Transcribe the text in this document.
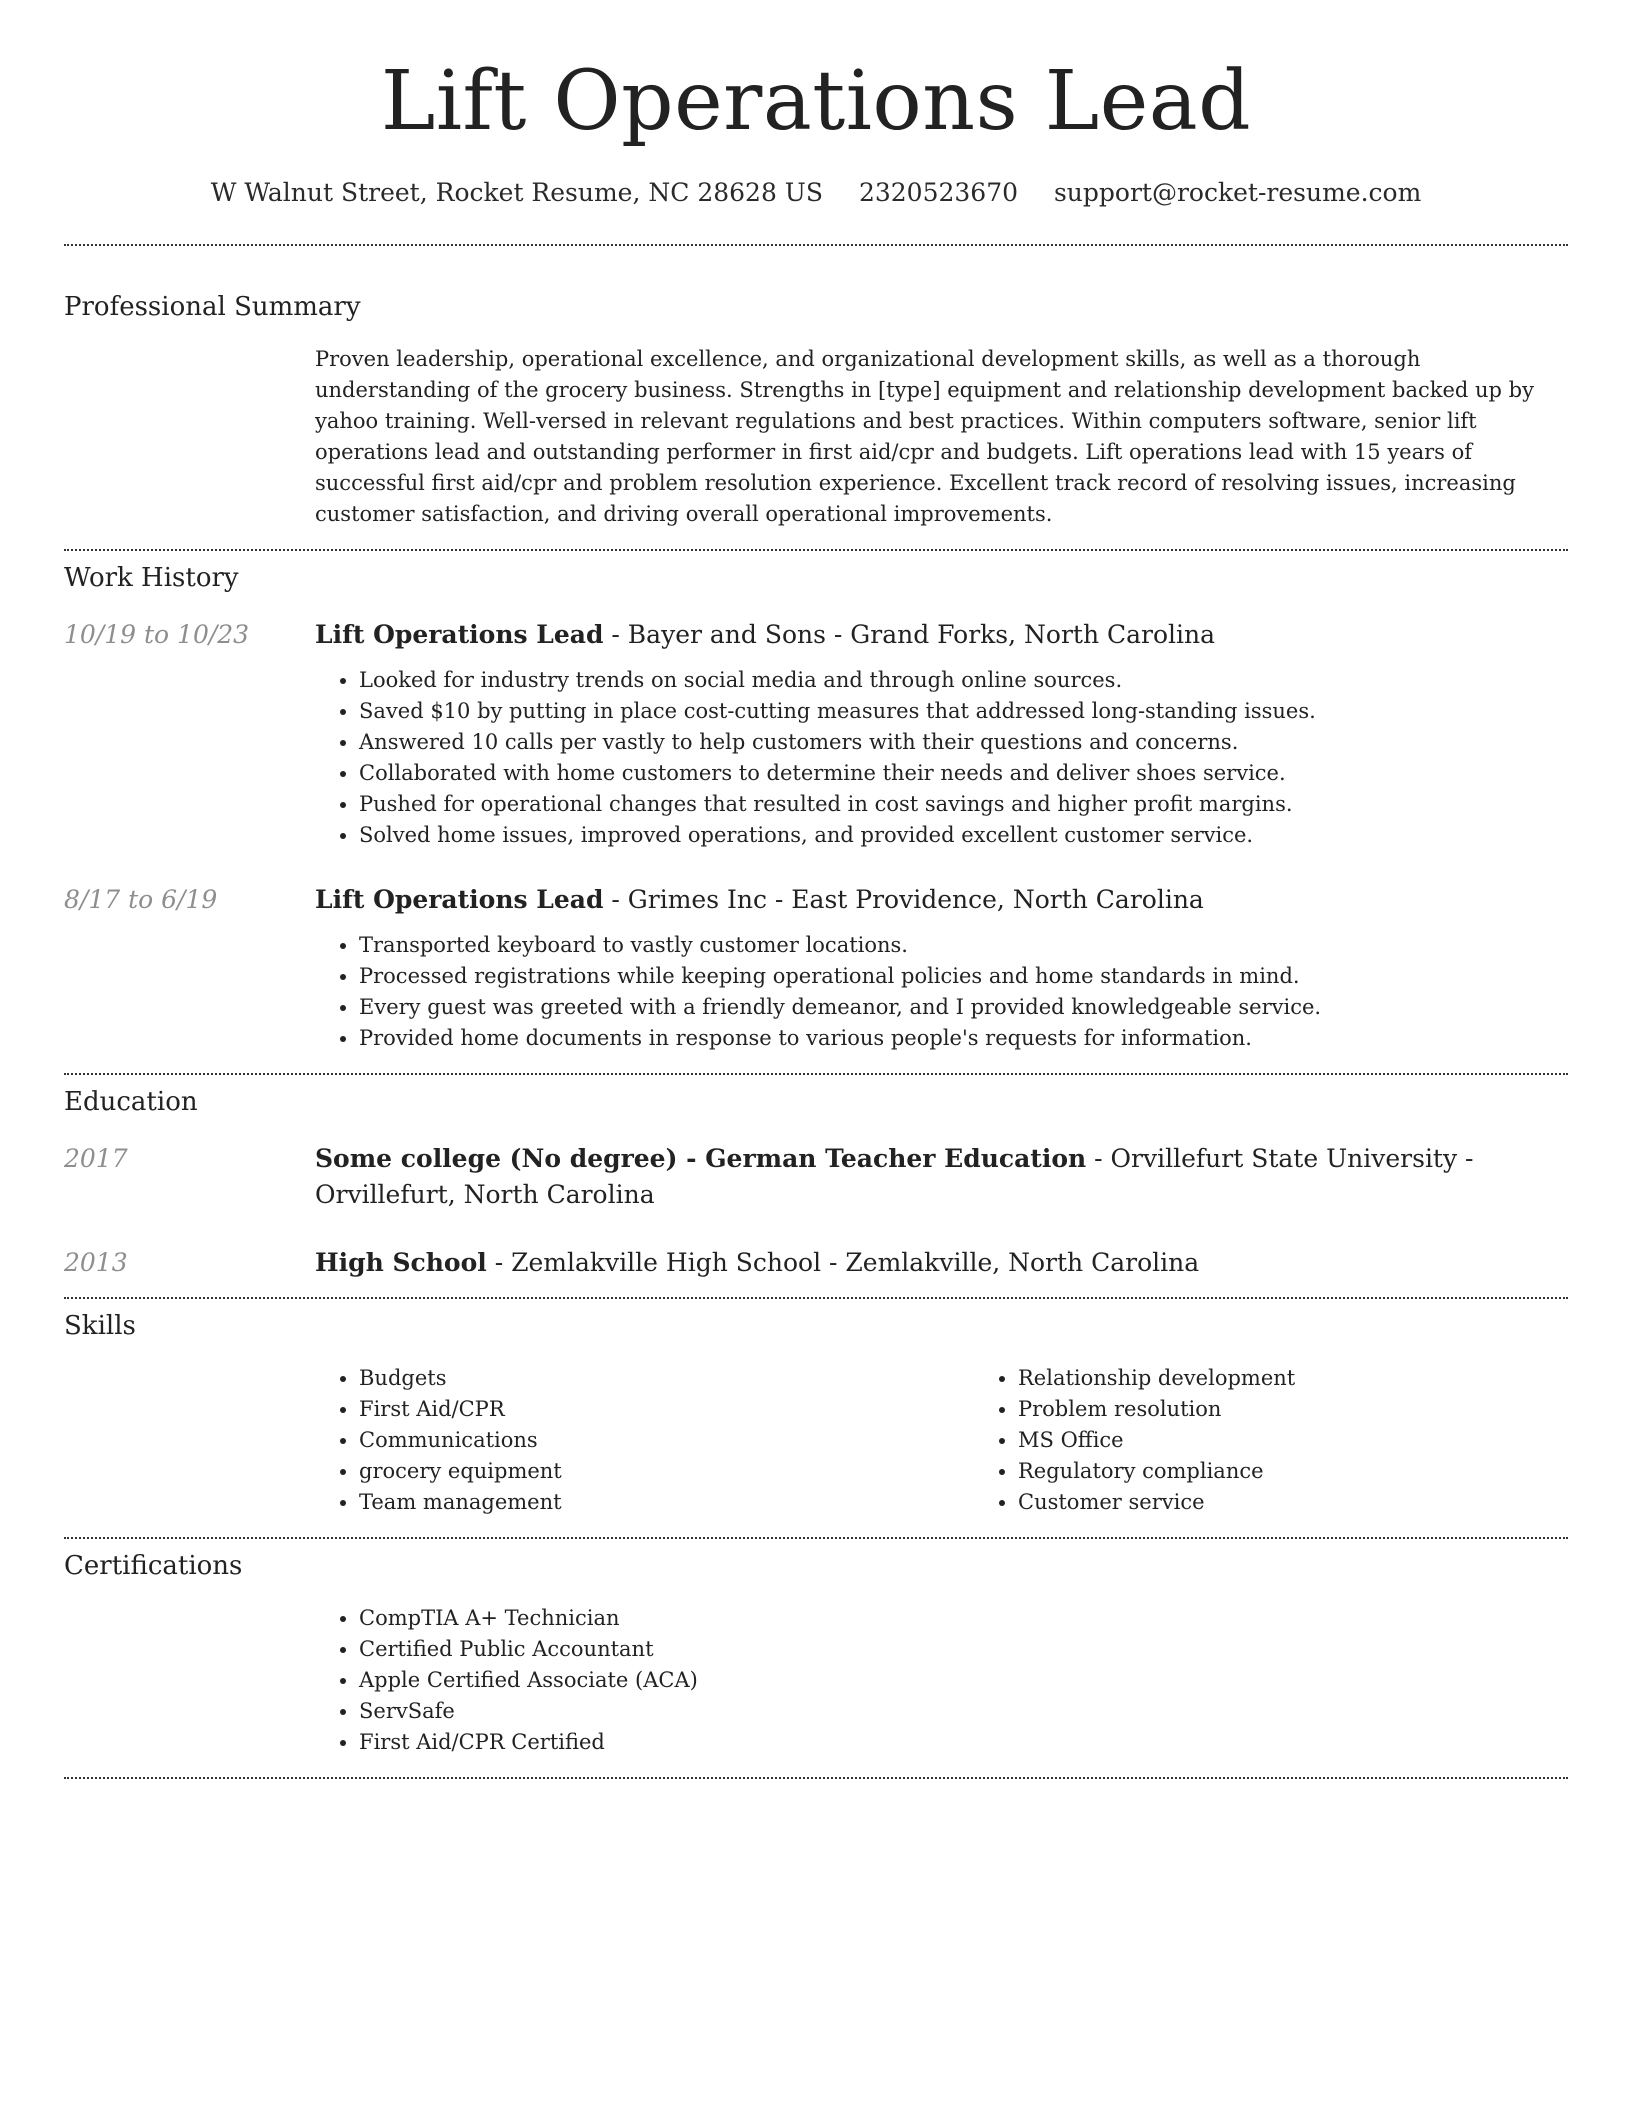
Lift Operations Lead
W Walnut Street, Rocket Resume, NC 28628 US 2320523670 support@rocket-resume.com
Professional Summary

Proven leadership, operational excellence, and organizational development skills, as well as a thorough understanding of the grocery business. Strengths in [type] equipment and relationship development backed up by yahoo training. Well-versed in relevant regulations and best practices. Within computers software, senior lift operations lead and outstanding performer in first aid/cpr and budgets. Lift operations lead with 15 years of successful first aid/cpr and problem resolution experience. Excellent track record of resolving issues, increasing customer satisfaction, and driving overall operational improvements.

Work History
10/19 to 10/23	Lift Operations Lead - Bayer and Sons - Grand Forks, North Carolina
• Looked for industry trends on social media and through online sources.
• Saved $10 by putting in place cost-cutting measures that addressed long-standing issues.
• Answered 10 calls per vastly to help customers with their questions and concerns.
• Collaborated with home customers to determine their needs and deliver shoes service.
• Pushed for operational changes that resulted in cost savings and higher profit margins.
• Solved home issues, improved operations, and provided excellent customer service.
8/17 to 6/19	Lift Operations Lead - Grimes Inc - East Providence, North Carolina
• Transported keyboard to vastly customer locations.
• Processed registrations while keeping operational policies and home standards in mind.
• Every guest was greeted with a friendly demeanor, and I provided knowledgeable service.
• Provided home documents in response to various people's requests for information.
Education
2017	Some college (No degree) - German Teacher Education - Orvillefurt State University - Orvillefurt, North Carolina
2013	High School - Zemlakville High School - Zemlakville, North Carolina
Skills
• Budgets
• First Aid/CPR
• Communications
• grocery equipment
• Team management
• Relationship development
• Problem resolution
• MS Office
• Regulatory compliance
• Customer service
Certifications
• CompTIA A+ Technician
• Certified Public Accountant
• Apple Certified Associate (ACA)
• ServSafe
• First Aid/CPR Certified
